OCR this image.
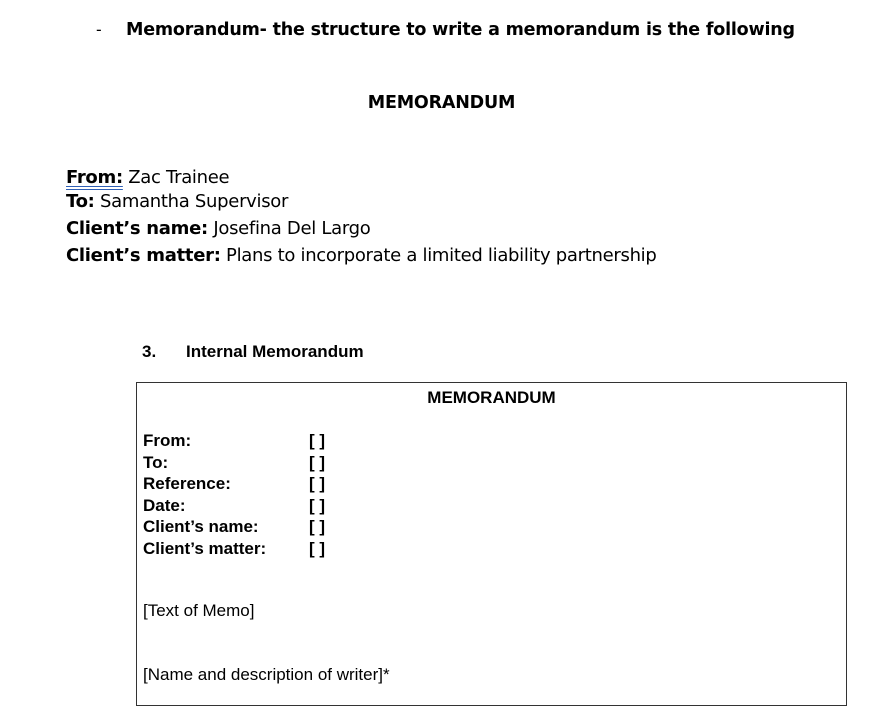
- Memorandum- the structure to write a memorandum is the following
MEMORANDUM
From: Zac Trainee
To: Samantha Supervisor
Client’s name: Josefina Del Largo
Client’s matter: Plans to incorporate a limited liability partnership
3. Internal Memorandum
MEMORANDUM
From:	[ ]
To:	[ ]
Reference:	[ ]
Date:	[ ]
Client’s name:	[ ]
Client’s matter:	[ ]
[Text of Memo]
[Name and description of writer]*
